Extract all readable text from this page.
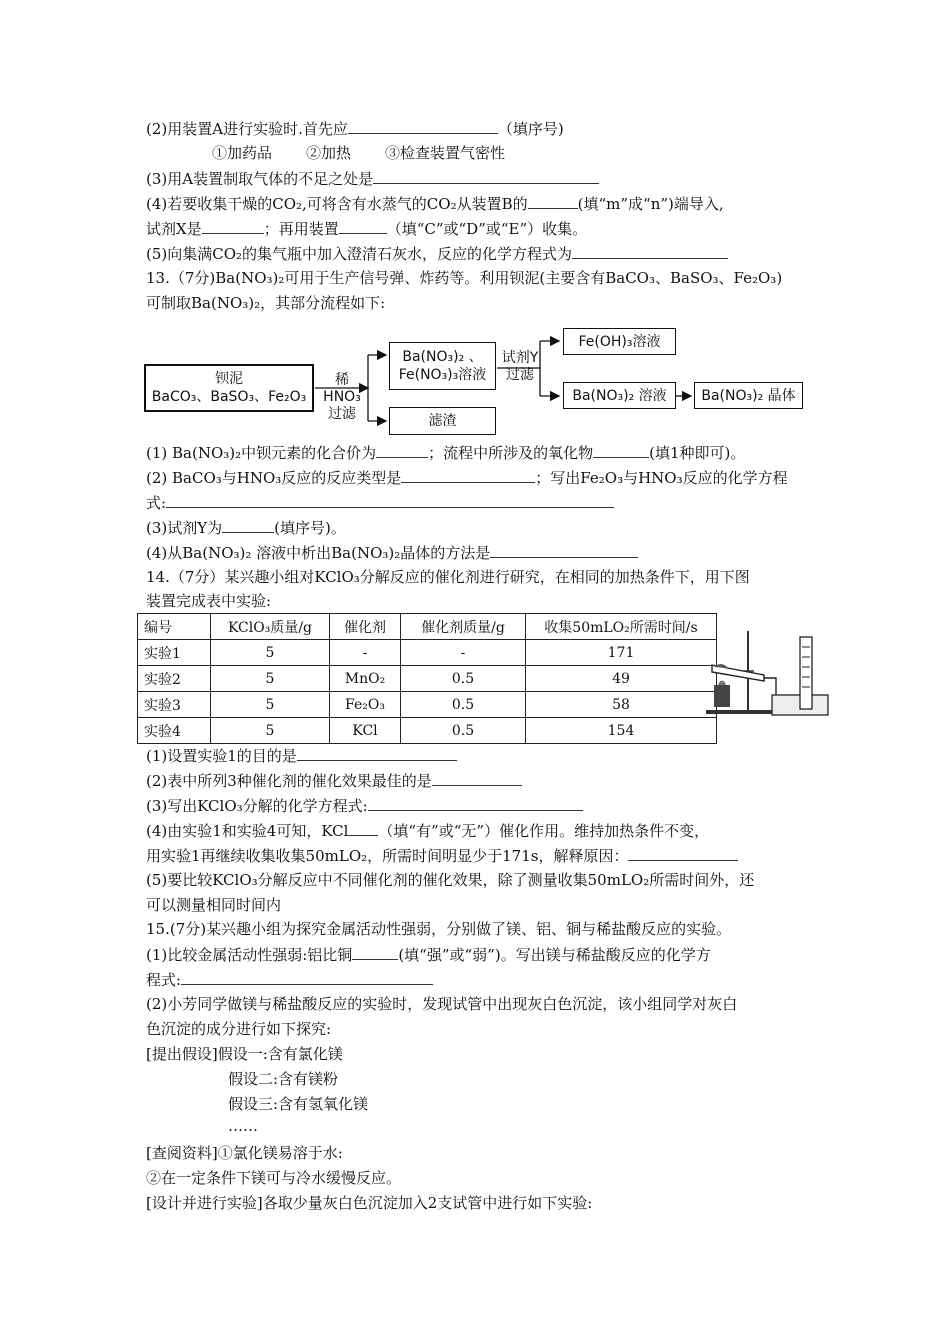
(2)用装置A进行实验时.首先应	（填序号)
①加药品 ②加热 ③检查装置气密性
(3)用A装置制取气体的不足之处是
(4)若要收集干燥的CO₂,可将含有水蒸气的CO₂从装置B的	(填“m”成“n”)端导入,
试剂X是	；再用装置	（填“C”或“D”或“E”）收集。
(5)向集满CO₂的集气瓶中加入澄清石灰水，反应的化学方程式为
13.（7分)Ba(NO₃)₂可用于生产信号弹、炸药等。利用钡泥(主要含有BaCO₃、BaSO₃、Fe₂O₃)
可制取Ba(NO₃)₂，其部分流程如下:
钡泥
BaCO₃、BaSO₃、Fe₂O₃
稀HNO₃
过滤
Ba(NO₃)₂ 、
Fe(NO₃)₃溶液
滤渣
试剂Y
过滤
Fe(OH)₃溶液
Ba(NO₃)₂ 溶液 Ba(NO₃)₂ 晶体
(1) Ba(NO₃)₂中钡元素的化合价为	；流程中所涉及的氧化物	(填1种即可)。
(2) BaCO₃与HNO₃反应的反应类型是	；写出Fe₂O₃与HNO₃反应的化学方程
式:
(3)试剂Y为	(填序号)。
(4)从Ba(NO₃)₂ 溶液中析出Ba(NO₃)₂晶体的方法是
14.（7分）某兴趣小组对KClO₃分解反应的催化剂进行研究，在相同的加热条件下，用下图
装置完成表中实验:
编号	KClO₃质量/g	催化剂	催化剂质量/g	收集50mLO₂所需时间/s
实验1	5	-	-	171
实验2	5	MnO₂	0.5	49
实验3	5	Fe₂O₃	0.5	58
实验4	5	KCl	0.5	154
(1)设置实验1的目的是
(2)表中所列3种催化剂的催化效果最佳的是
(3)写出KClO₃分解的化学方程式:
(4)由实验1和实验4可知，KCl （填“有”或“无”）催化作用。维持加热条件不变，
用实验1再继续收集收集50mLO₂，所需时间明显少于171s，解释原因：
(5)要比较KClO₃分解反应中不同催化剂的催化效果，除了测量收集50mLO₂所需时间外，还
可以测量相同时间内
15.(7分)某兴趣小组为探究金属活动性强弱，分别做了镁、铝、铜与稀盐酸反应的实验。
(1)比较金属活动性强弱:铝比铜	(填“强”或“弱”)。写出镁与稀盐酸反应的化学方
程式:
(2)小芳同学做镁与稀盐酸反应的实验时，发现试管中出现灰白色沉淀，该小组同学对灰白
色沉淀的成分进行如下探究:
[提出假设]假设一:含有氯化镁
假设二:含有镁粉
假设三:含有氢氧化镁
……
[查阅资料]①氯化镁易溶于水:
②在一定条件下镁可与冷水缓慢反应。
[设计并进行实验]各取少量灰白色沉淀加入2支试管中进行如下实验:
